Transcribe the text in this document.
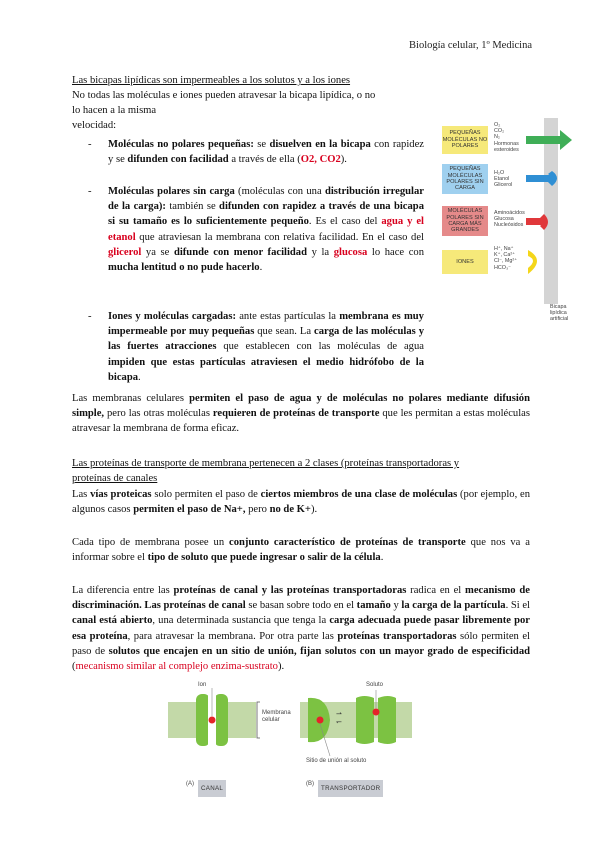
Biología celular, 1º Medicina
Las bicapas lipídicas son impermeables a los solutos y a los iones
No todas las moléculas e iones pueden atravesar la bicapa lipídica, o no
lo hacen a la misma
velocidad:
- Moléculas no polares pequeñas: se disuelven en la bicapa con rapidez y se difunden con facilidad a través de ella (O2, CO2).
- Moléculas polares sin carga (moléculas con una distribución irregular de la carga): también se difunden con rapidez a través de una bicapa si su tamaño es lo suficientemente pequeño. Es el caso del agua y el etanol que atraviesan la membrana con relativa facilidad. En el caso del glicerol ya se difunde con menor facilidad y la glucosa lo hace con mucha lentitud o no pude hacerlo.
- Iones y moléculas cargadas: ante estas partículas la membrana es muy impermeable por muy pequeñas que sean. La carga de las moléculas y las fuertes atracciones que establecen con las moléculas de agua impiden que estas partículas atraviesen el medio hidrófobo de la bicapa.
Las membranas celulares permiten el paso de agua y de moléculas no polares mediante difusión simple, pero las otras moléculas requieren de proteínas de transporte que les permitan a estas moléculas atravesar la membrana de forma eficaz.
PEQUEÑAS MOLÉCULAS NO POLARES
O₂
CO₂
N₂
Hormonas
esteroides
PEQUEÑAS MOLÉCULAS POLARES SIN CARGA
H₂O
Etanol
Glicerol
MOLÉCULAS POLARES SIN CARGA MÁS GRANDES
Aminoácidos
Glucosa
Nucleósidos
IONES
H⁺, Na⁺
K⁺, Ca²⁺
Cl⁻, Mg²⁺
HCO₃⁻
Bicapa
lipídica
artificial
Las proteínas de transporte de membrana pertenecen a 2 clases (proteínas transportadoras y
proteínas de canales
Las vías proteicas solo permiten el paso de ciertos miembros de una clase de moléculas (por ejemplo, en algunos casos permiten el paso de Na+, pero no de K+).
Cada tipo de membrana posee un conjunto característico de proteínas de transporte que nos va a informar sobre el tipo de soluto que puede ingresar o salir de la célula.
La diferencia entre las proteínas de canal y las proteínas transportadoras radica en el mecanismo de discriminación. Las proteínas de canal se basan sobre todo en el tamaño y la carga de la partícula. Si el canal está abierto, una determinada sustancia que tenga la carga adecuada puede pasar libremente por esa proteína, para atravesar la membrana. Por otra parte las proteínas transportadoras sólo permiten el paso de solutos que encajen en un sitio de unión, fijan solutos con un mayor grado de especificidad (mecanismo similar al complejo enzima-sustrato).
⇀
↽
Ion	Soluto
Membrana
celular
Sitio de unión al soluto
(A)
CANAL
(B)
TRANSPORTADOR
